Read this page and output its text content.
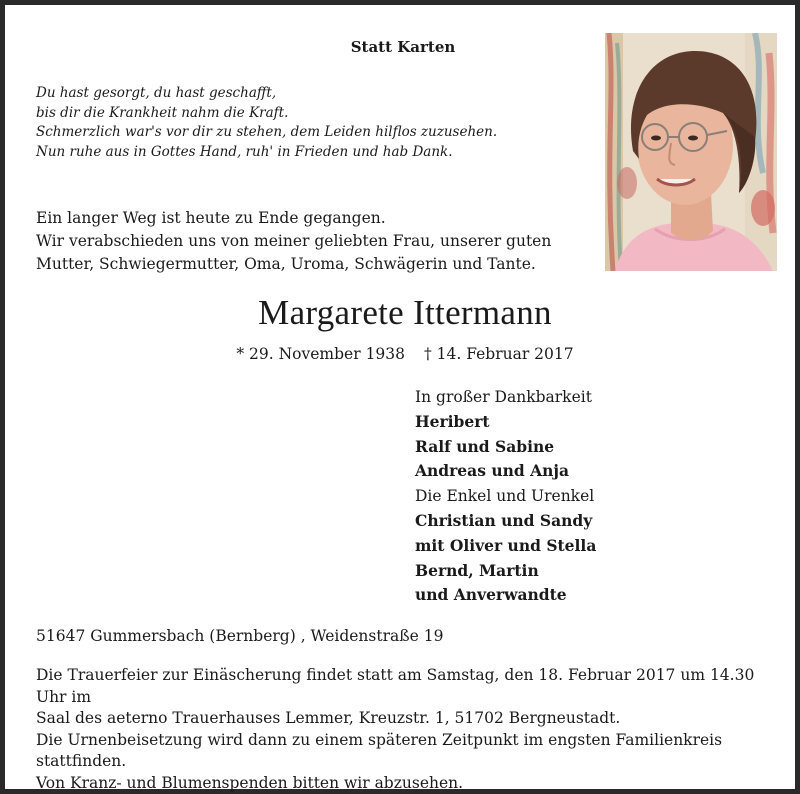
Statt Karten

Du hast gesorgt, du hast geschafft,
bis dir die Krankheit nahm die Kraft.
Schmerzlich war's vor dir zu stehen, dem Leiden hilflos zuzusehen.
Nun ruhe aus in Gottes Hand, ruh' in Frieden und hab Dank.
Ein langer Weg ist heute zu Ende gegangen.
Wir verabschieden uns von meiner geliebten Frau, unserer guten
Mutter, Schwiegermutter, Oma, Uroma, Schwägerin und Tante.

Margarete Ittermann

* 29. November 1938 † 14. Februar 2017

In großer Dankbarkeit
Heribert
Ralf und Sabine
Andreas und Anja
Die Enkel und Urenkel
Christian und Sandy
mit Oliver und Stella
Bernd, Martin
und Anverwandte

51647 Gummersbach (Bernberg) , Weidenstraße 19

Die Trauerfeier zur Einäscherung findet statt am Samstag, den 18. Februar 2017 um 14.30 Uhr im
Saal des aeterno Trauerhauses Lemmer, Kreuzstr. 1, 51702 Bergneustadt.
Die Urnenbeisetzung wird dann zu einem späteren Zeitpunkt im engsten Familienkreis
stattfinden.
Von Kranz- und Blumenspenden bitten wir abzusehen.
